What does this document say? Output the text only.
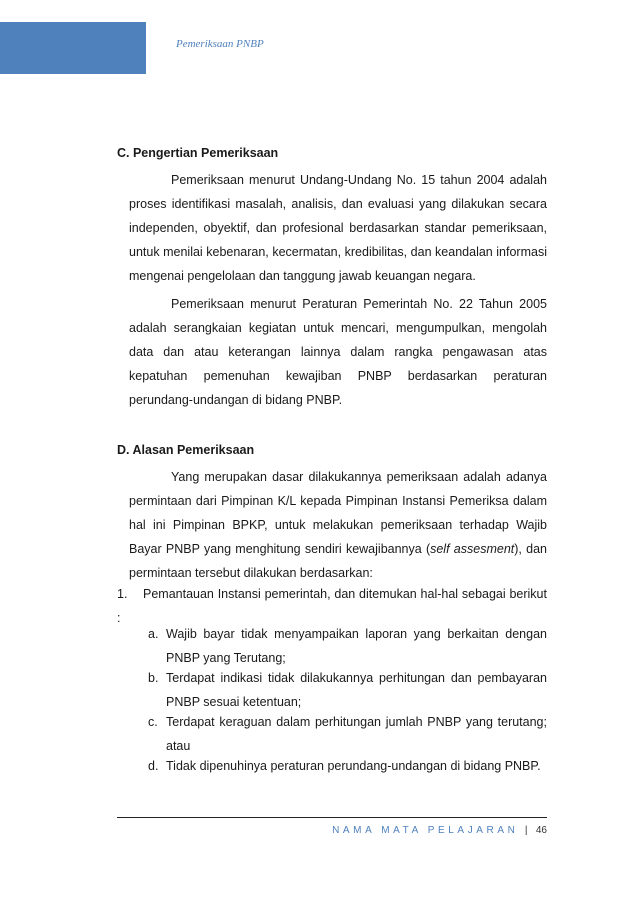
Pemeriksaan PNBP
C. Pengertian Pemeriksaan

Pemeriksaan menurut Undang-Undang No. 15 tahun 2004 adalah proses identifikasi masalah, analisis, dan evaluasi yang dilakukan secara independen, obyektif, dan profesional berdasarkan standar pemeriksaan, untuk menilai kebenaran, kecermatan, kredibilitas, dan keandalan informasi mengenai pengelolaan dan tanggung jawab keuangan negara.

Pemeriksaan menurut Peraturan Pemerintah No. 22 Tahun 2005 adalah serangkaian kegiatan untuk mencari, mengumpulkan, mengolah data dan atau keterangan lainnya dalam rangka pengawasan atas kepatuhan pemenuhan kewajiban PNBP berdasarkan peraturan perundang-undangan di bidang PNBP.

D. Alasan Pemeriksaan

Yang merupakan dasar dilakukannya pemeriksaan adalah adanya permintaan dari Pimpinan K/L kepada Pimpinan Instansi Pemeriksa dalam hal ini Pimpinan BPKP, untuk melakukan pemeriksaan terhadap Wajib Bayar PNBP yang menghitung sendiri kewajibannya (self assesment), dan permintaan tersebut dilakukan berdasarkan:

1. Pemantauan Instansi pemerintah, dan ditemukan hal-hal sebagai berikut :
a. Wajib bayar tidak menyampaikan laporan yang berkaitan dengan PNBP yang Terutang;
b. Terdapat indikasi tidak dilakukannya perhitungan dan pembayaran PNBP sesuai ketentuan;
c. Terdapat keraguan dalam perhitungan jumlah PNBP yang terutang; atau
d. Tidak dipenuhinya peraturan perundang-undangan di bidang PNBP.
NAMA MATA PELAJARAN | 46
